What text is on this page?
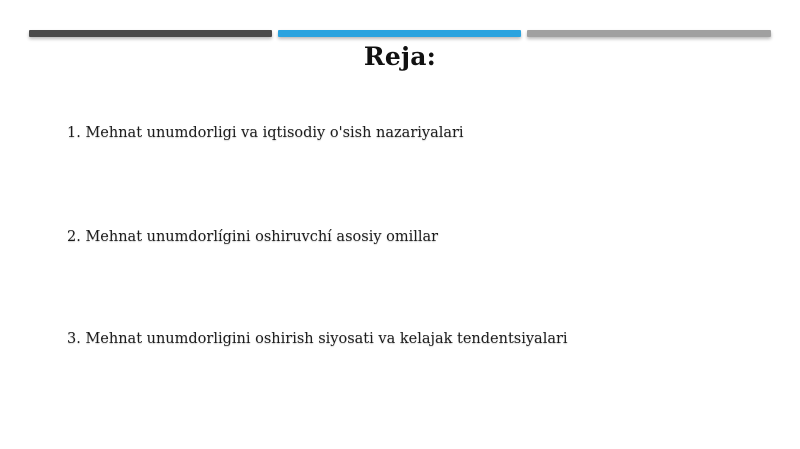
Reja:
1. Mehnat unumdorligi va iqtisodiy o'sish nazariyalari
2. Mehnat unumdorlígini oshiruvchí asosiy omillar
3. Mehnat unumdorligini oshirish siyosati va kelajak tendentsiyalari
